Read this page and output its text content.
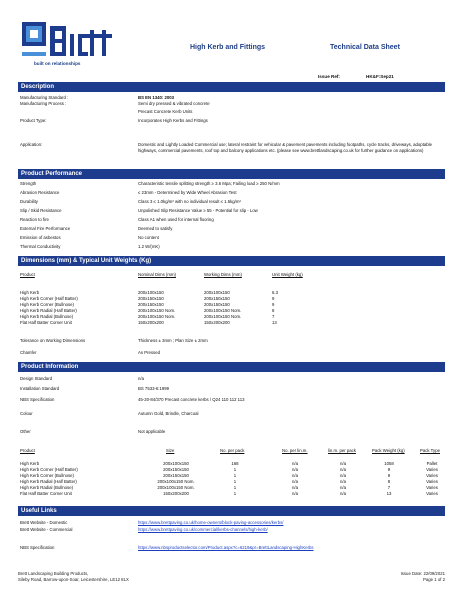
built on relationships
High Kerb and Fittings	Technical Data Sheet
Issue Ref:	HK&F:Sep21
Description
Manufacturing Standard :	BS EN 1340: 2003
Manufacturing Process :	Semi dry pressed & vibrated concrete
Precast Concrete Kerb Units
Product Type:	Incorporates High Kerbs and Fittings
Application:	Domestic and Lightly Loaded Commercial use; lateral restraint for vehicular & pavement pavements including footpaths, cycle tracks, driveways, adoptable highways, commercial pavements, roof top and balcony applications etc. (please see www.brettlandscaping.co.uk for further guidance on applications)
Product Performance
Strength	Characteristic tensile splitting strength ≥ 3.6 Mpa; Failing load ≥ 250 N/mm
Abrasion Resistance	≤ 23mm - Determined by Wide Wheel Abrasion Test
Durability	Class 3 ≤ 1.0kg/m² with no individual result ≤ 1.5kg/m²
Slip / Skid Resistance	Unpolished Slip Resistance Value ≥ 55 - Potential for slip - Low
Reaction to fire	Class A1 when used for internal flooring
External Fire Performance	Deemed to satisfy
Emission of asbestos	No content
Thermal Conductivity	1.2 W/(mK)
Dimensions (mm) & Typical Unit Weights (Kg)
Product	Nominal Dims (mm)	Working Dims (mm)	Unit Weight (kg)
High Kerb	200x100x150	200x100x150	6.3
High Kerb Corner (Half Batter)	200x150x150	200x150x150	9
High Kerb Corner (Bullnose)	200x150x150	200x150x150	9
High Kerb Radial (Half Batter)	200x100x150 Nom.	200x100x150 Nom.	8
High Kerb Radial (Bullnose)	200x100x150 Nom.	200x100x150 Nom.	7
Flat Half Batter Corner Unit	150x200x200	150x200x200	13
Tolerance on Working Dimensions	Thickness ± 3mm ; Plan Size ± 2mm
Chamfer	As Pressed
Product Information
Design Standard	n/a
Installation Standard	BS 7533-6:1999
NBS Specification	45-20-84/370 Precast concrete kerbs / Q24 110 112 113
Colour	Autumn Gold, Brindle, Charcoal
Other	Not applicable
Product	Size	No. per pack	No. per lin.m.	lin.m. per pack	Pack Weight (kg)	Pack Type
High Kerb	200x100x150	168	n/a	n/a	1058	Pallet
High Kerb Corner (Half Batter)	200x150x150	1	n/a	n/a	9	Varies
High Kerb Corner (Bullnose)	200x150x150	1	n/a	n/a	9	Varies
High Kerb Radial (Half Batter)	200x100x150 Nom.	1	n/a	n/a	8	Varies
High Kerb Radial (Bullnose)	200x100x150 Nom.	1	n/a	n/a	7	Varies
Flat Half Batter Corner Unit	150x200x200	1	n/a	n/a	13	Varies
Useful Links
Brett Website - Domestic	https://www.brettpaving.co.uk/home-owners/block-paving-accessories/kerbs/
Brett Website - Commercial	https://www.brettpaving.co.uk/commercial/kerbs-channels/high-kerb/
NBS Specification	https://www.nbsproductselector.com/Product.aspx?c=6219&pr=BrettLandscaping-HighKerbs
Brett Landscaping Building Products,
Sileby Road, Barrow-upon-Soar, Leicestershire, LE12 8LX
Issue Date: 22/09/2021
Page 1 of 2
